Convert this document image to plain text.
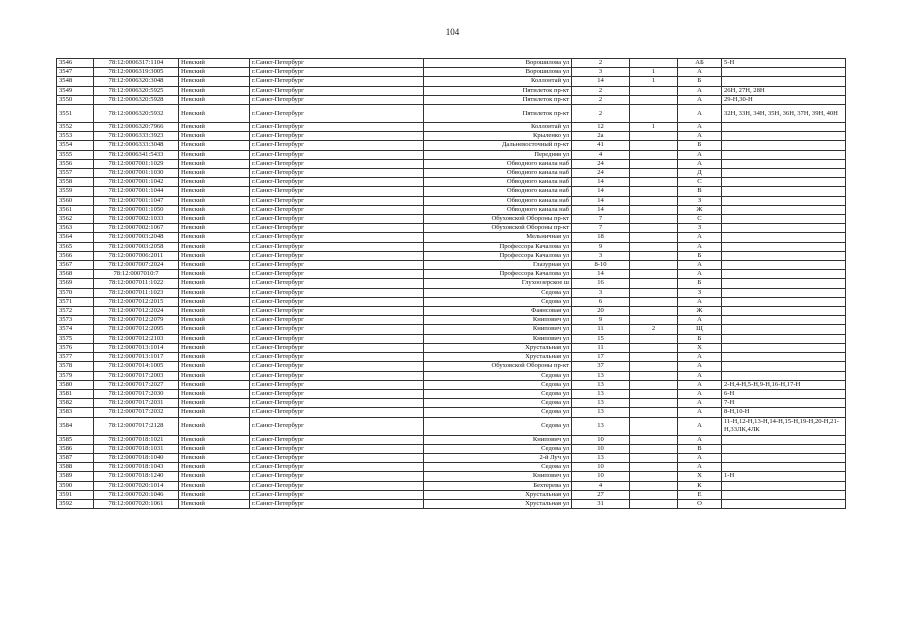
104
3546	78:12:0006317:1104	Невский	г.Санкт-Петербург	Ворошилова ул	2		АБ	5-Н
3547	78:12:0006319:3005	Невский	г.Санкт-Петербург	Ворошилова ул	3	1	А	
3548	78:12:0006320:3048	Невский	г.Санкт-Петербург	Коллонтай ул	14	1	Б	
3549	78:12:0006320:5925	Невский	г.Санкт-Петербург	Пятилеток пр-кт	2		А	26Н, 27Н, 28Н
3550	78:12:0006320:5928	Невский	г.Санкт-Петербург	Пятилеток пр-кт	2		А	29-Н,30-Н
3551	78:12:0006320:5932	Невский	г.Санкт-Петербург	Пятилеток пр-кт	2		А	32Н, 33Н, 34Н, 35Н, 36Н, 37Н, 39Н, 40Н
3552	78:12:0006320:7966	Невский	г.Санкт-Петербург	Коллонтай ул	12	1	А	
3553	78:12:0006333:3923	Невский	г.Санкт-Петербург	Крыленко ул	2а		А	
3554	78:12:0006333:3048	Невский	г.Санкт-Петербург	Дальневосточный пр-кт	41		Б	
3555	78:12:0006341:5433	Невский	г.Санкт-Петербург	Передняя ул	4		А	
3556	78:12:0007001:1029	Невский	г.Санкт-Петербург	Обводного канала наб	24		А	
3557	78:12:0007001:1030	Невский	г.Санкт-Петербург	Обводного канала наб	24		Д	
3558	78:12:0007001:1042	Невский	г.Санкт-Петербург	Обводного канала наб	14		С	
3559	78:12:0007001:1044	Невский	г.Санкт-Петербург	Обводного канала наб	14		В	
3560	78:12:0007001:1047	Невский	г.Санкт-Петербург	Обводного канала наб	14		З	
3561	78:12:0007001:1050	Невский	г.Санкт-Петербург	Обводного канала наб	14		Ж	
3562	78:12:0007002:1033	Невский	г.Санкт-Петербург	Обуховской Обороны пр-кт	7		С	
3563	78:12:0007002:1067	Невский	г.Санкт-Петербург	Обуховской Обороны пр-кт	7		З	
3564	78:12:0007003:2048	Невский	г.Санкт-Петербург	Мельничная ул	18		А	
3565	78:12:0007003:2058	Невский	г.Санкт-Петербург	Профессора Качалова ул	9		А	
3566	78:12:0007006:2011	Невский	г.Санкт-Петербург	Профессора Качалова ул	3		Б	
3567	78:12:0007007:2024	Невский	г.Санкт-Петербург	Глазурная ул	8-10		А	
3568	78:12:0007010:7	Невский	г.Санкт-Петербург	Профессора Качалова ул	14		А	
3569	78:12:0007011:1022	Невский	г.Санкт-Петербург	Глухоозерское ш	16		Б	
3570	78:12:0007011:1023	Невский	г.Санкт-Петербург	Седова ул	3		З	
3571	78:12:0007012:2015	Невский	г.Санкт-Петербург	Седова ул	6		А	
3572	78:12:0007012:2024	Невский	г.Санкт-Петербург	Фаянсовая ул	20		Ж	
3573	78:12:0007012:2079	Невский	г.Санкт-Петербург	Книпович ул	9		А	
3574	78:12:0007012:2095	Невский	г.Санкт-Петербург	Книпович ул	11	2	Щ	
3575	78:12:0007012:2103	Невский	г.Санкт-Петербург	Книпович ул	15		Б	
3576	78:12:0007013:1014	Невский	г.Санкт-Петербург	Хрустальная ул	11		Х	
3577	78:12:0007013:1017	Невский	г.Санкт-Петербург	Хрустальная ул	17		А	
3578	78:12:0007014:1005	Невский	г.Санкт-Петербург	Обуховской Обороны пр-кт	37		А	
3579	78:12:0007017:2003	Невский	г.Санкт-Петербург	Седова ул	13		А	
3580	78:12:0007017:2027	Невский	г.Санкт-Петербург	Седова ул	13		А	2-Н,4-Н,5-Н,9-Н,16-Н,17-Н
3581	78:12:0007017:2030	Невский	г.Санкт-Петербург	Седова ул	13		А	6-Н
3582	78:12:0007017:2031	Невский	г.Санкт-Петербург	Седова ул	13		А	7-Н
3583	78:12:0007017:2032	Невский	г.Санкт-Петербург	Седова ул	13		А	8-Н,10-Н
3584	78:12:0007017:2128	Невский	г.Санкт-Петербург	Седова ул	13		А	11-Н,12-Н,13-Н,14-Н,15-Н,19-Н,20-Н,21-Н,33ЛК,4ЛК
3585	78:12:0007018:1021	Невский	г.Санкт-Петербург	Книпович ул	10		А	
3586	78:12:0007018:1031	Невский	г.Санкт-Петербург	Седова ул	10		В	
3587	78:12:0007018:1040	Невский	г.Санкт-Петербург	2-й Луч ул	13		А	
3588	78:12:0007018:1043	Невский	г.Санкт-Петербург	Седова ул	10		А	
3589	78:12:0007018:1240	Невский	г.Санкт-Петербург	Книпович ул	10		Х	1-Н
3590	78:12:0007020:1014	Невский	г.Санкт-Петербург	Бехтерева ул	4		К	
3591	78:12:0007020:1046	Невский	г.Санкт-Петербург	Хрустальная ул	27		Е	
3592	78:12:0007020:1061	Невский	г.Санкт-Петербург	Хрустальная ул	31		О	
